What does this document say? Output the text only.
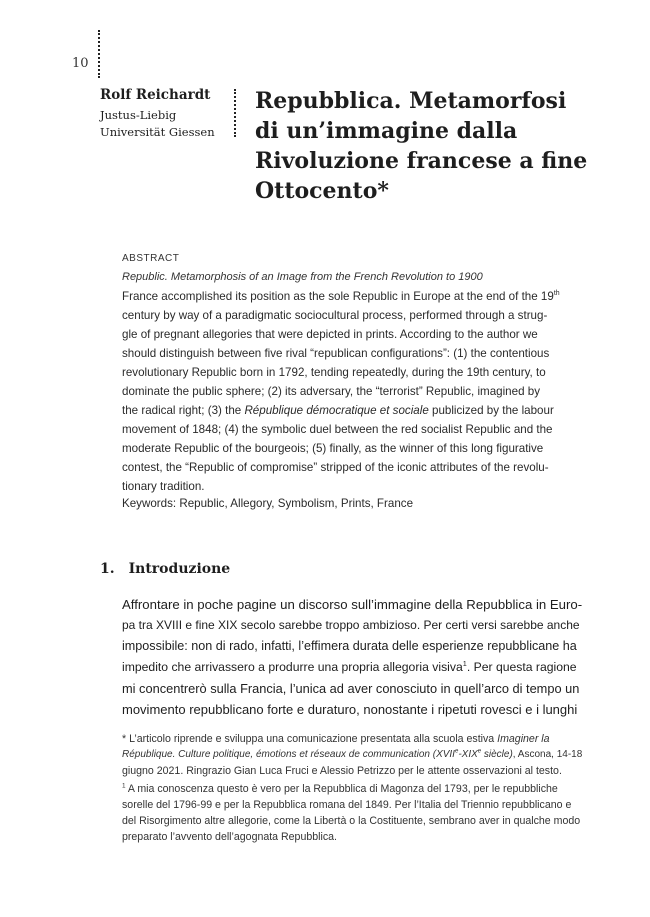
10
Rolf Reichardt
Justus-Liebig
Universität Giessen
Repubblica. Metamorfosi
di un’immagine dalla
Rivoluzione francese a fine
Ottocento*
ABSTRACT
Republic. Metamorphosis of an Image from the French Revolution to 1900
France accomplished its position as the sole Republic in Europe at the end of the 19th
century by way of a paradigmatic sociocultural process, performed through a strug-
gle of pregnant allegories that were depicted in prints. According to the author we
should distinguish between five rival “republican configurations”: (1) the contentious
revolutionary Republic born in 1792, tending repeatedly, during the 19th century, to
dominate the public sphere; (2) its adversary, the “terrorist” Republic, imagined by
the radical right; (3) the République démocratique et sociale publicized by the labour
movement of 1848; (4) the symbolic duel between the red socialist Republic and the
moderate Republic of the bourgeois; (5) finally, as the winner of this long figurative
contest, the “Republic of compromise” stripped of the iconic attributes of the revolu-
tionary tradition.
Keywords: Republic, Allegory, Symbolism, Prints, France
1. Introduzione
Affrontare in poche pagine un discorso sull’immagine della Repubblica in Euro-
pa tra XVIII e fine XIX secolo sarebbe troppo ambizioso. Per certi versi sarebbe anche
impossibile: non di rado, infatti, l’effimera durata delle esperienze repubblicane ha
impedito che arrivassero a produrre una propria allegoria visiva$^1$. Per questa ragione
mi concentrerò sulla Francia, l’unica ad aver conosciuto in quell’arco di tempo un
movimento repubblicano forte e duraturo, nonostante i ripetuti rovesci e i lunghi
* L’articolo riprende e sviluppa una comunicazione presentata alla scuola estiva Imaginer la
République. Culture politique, émotions et réseaux de communication (XVIIe-XIXe siècle), Ascona, 14-18
giugno 2021. Ringrazio Gian Luca Fruci e Alessio Petrizzo per le attente osservazioni al testo.
$^1$ A mia conoscenza questo è vero per la Repubblica di Magonza del 1793, per le repubbliche
sorelle del 1796-99 e per la Repubblica romana del 1849. Per l’Italia del Triennio repubblicano e
del Risorgimento altre allegorie, come la Libertà o la Costituente, sembrano aver in qualche modo
preparato l’avvento dell’agognata Repubblica.
